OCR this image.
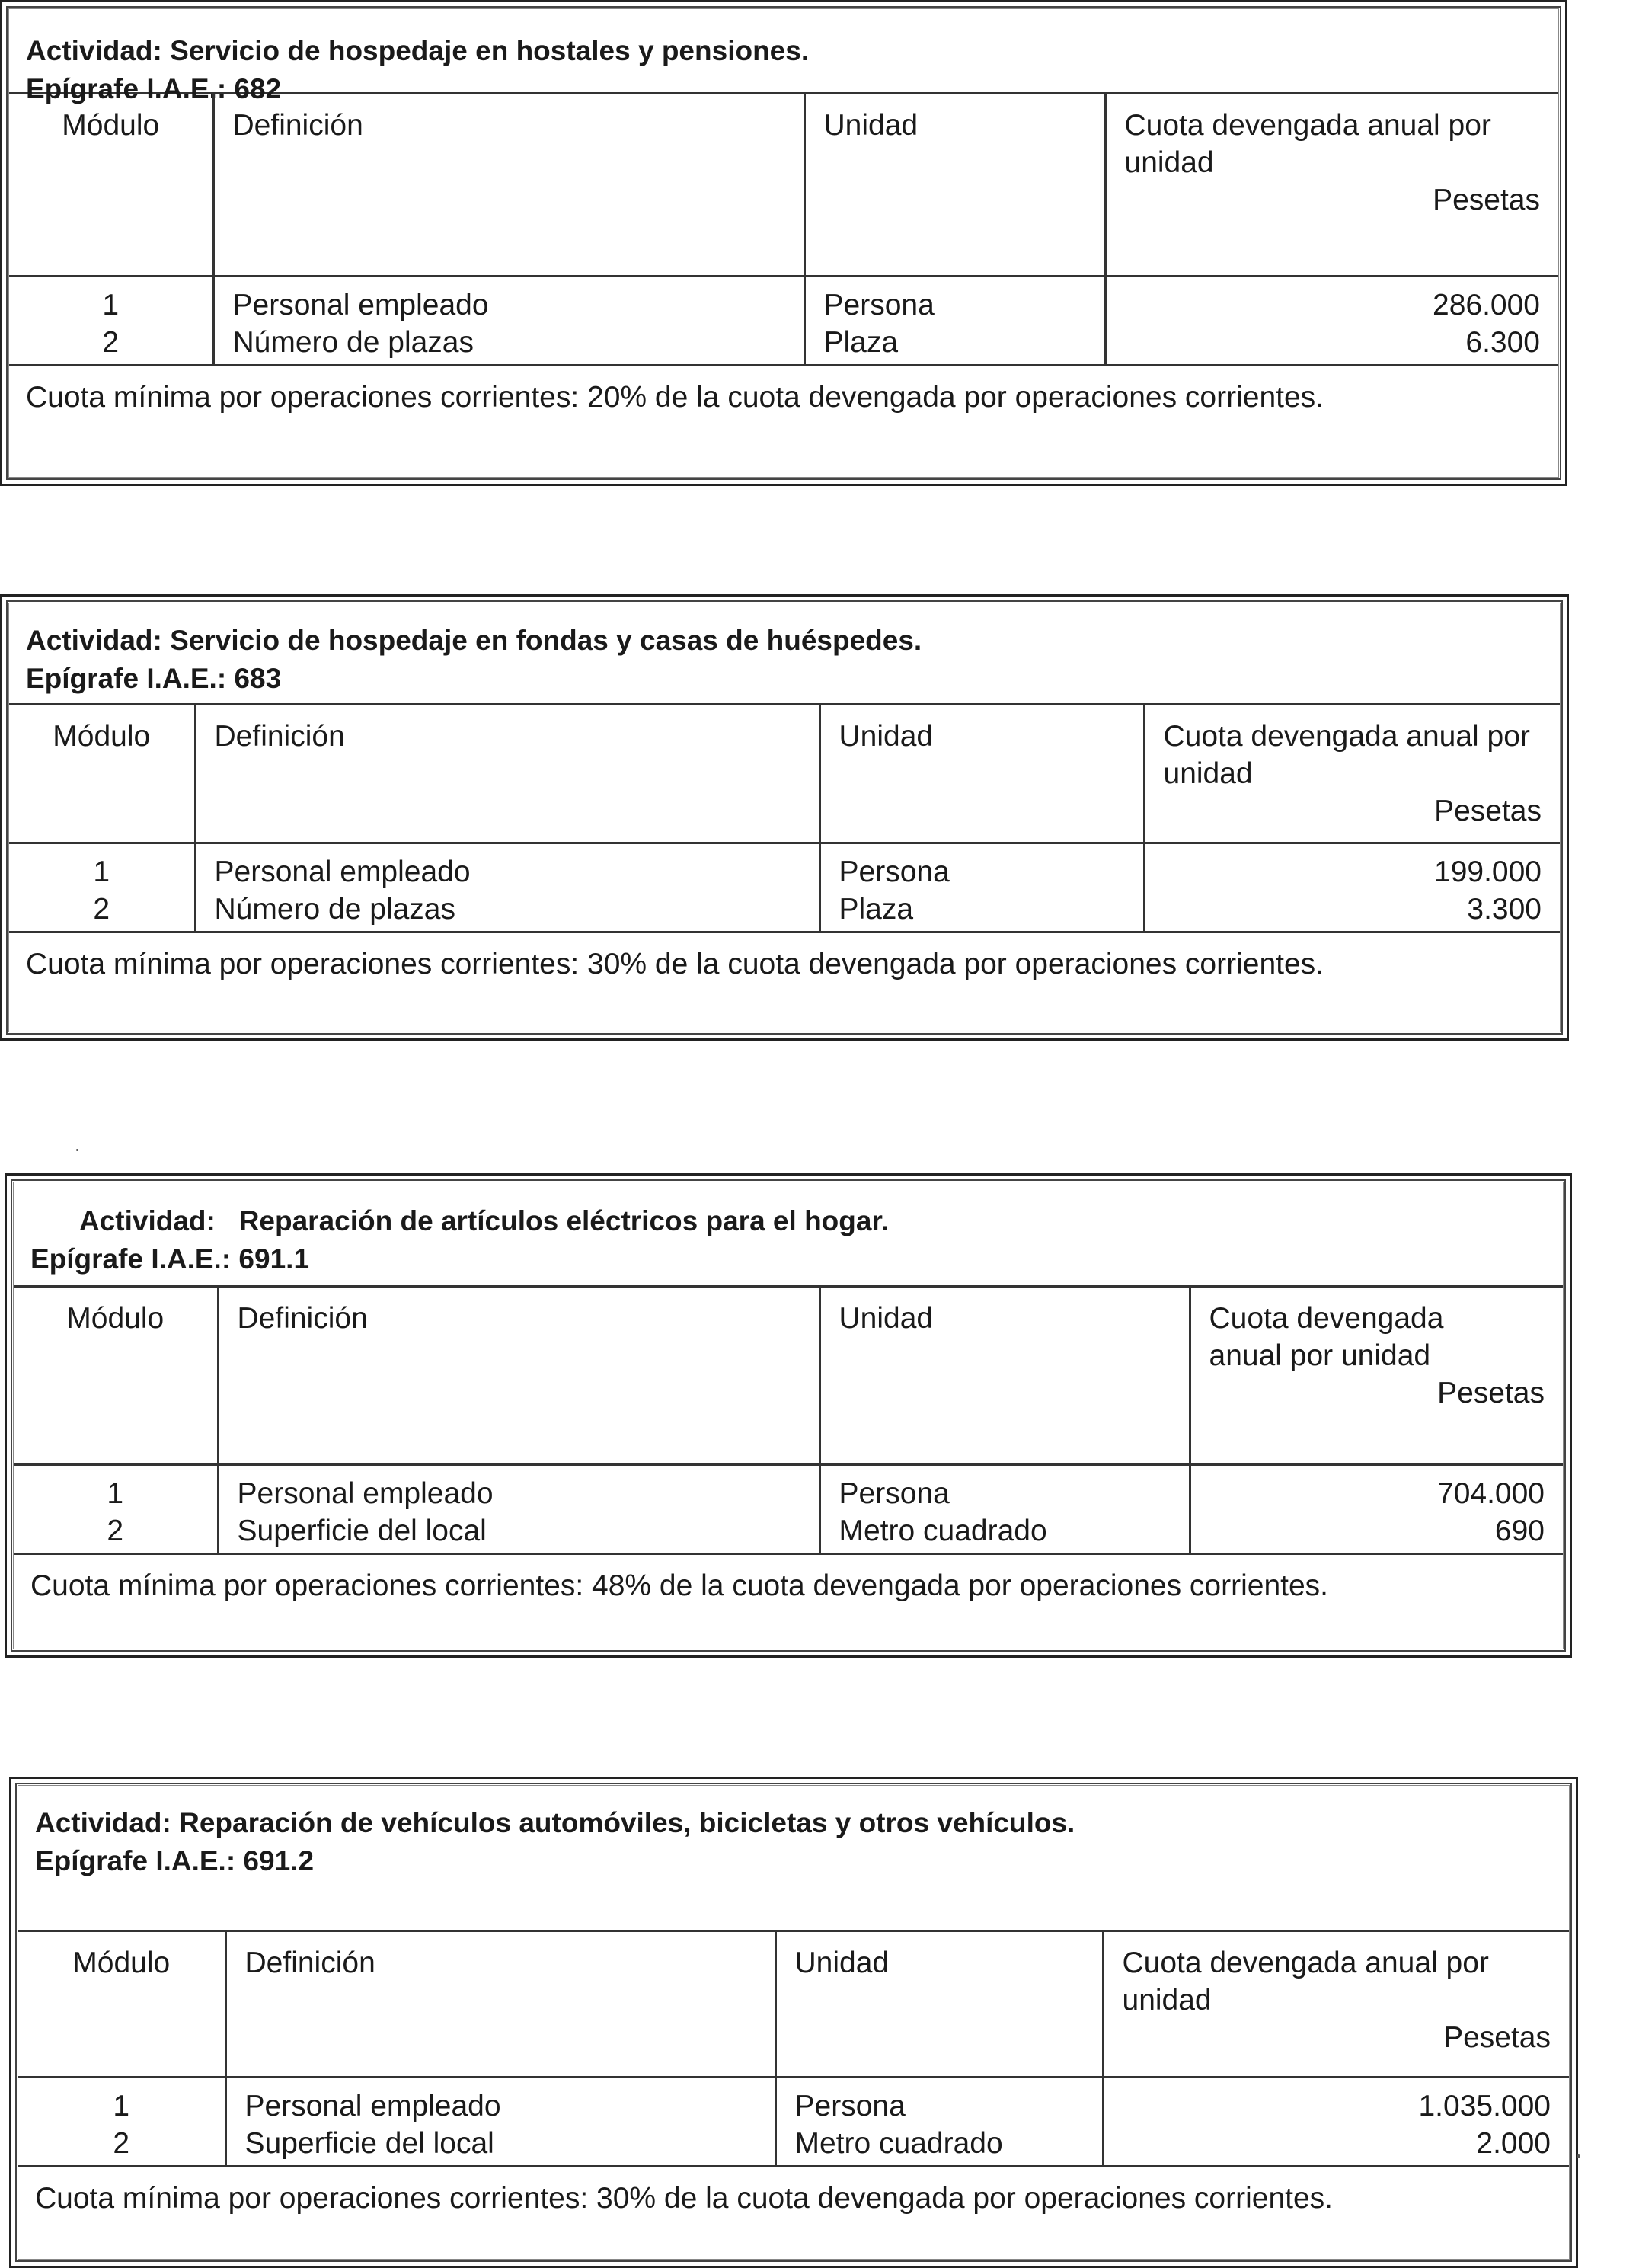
Actividad: Servicio de hospedaje en hostales y pensiones.
Epígrafe I.A.E.: 682
Módulo	Definición	Unidad	Cuota devengada anual por unidad
Pesetas

1	Personal empleado	Persona	286.000
2	Número de plazas	Plaza	6.300
Cuota mínima por operaciones corrientes: 20% de la cuota devengada por operaciones corrientes.
Actividad: Servicio de hospedaje en fondas y casas de huéspedes.
Epígrafe I.A.E.: 683
Módulo	Definición	Unidad	Cuota devengada anual por unidad
Pesetas

1	Personal empleado	Persona	199.000
2	Número de plazas	Plaza	3.300
Cuota mínima por operaciones corrientes: 30% de la cuota devengada por operaciones corrientes.
Actividad:   Reparación de artículos eléctricos para el hogar.
Epígrafe I.A.E.: 691.1
Módulo	Definición	Unidad	Cuota devengada anual por unidad
Pesetas

1	Personal empleado	Persona	704.000
2	Superficie del local	Metro cuadrado	690
Cuota mínima por operaciones corrientes: 48% de la cuota devengada por operaciones corrientes.
Actividad: Reparación de vehículos automóviles, bicicletas y otros vehículos.
Epígrafe I.A.E.: 691.2
Módulo	Definición	Unidad	Cuota devengada anual por unidad
Pesetas

1	Personal empleado	Persona	1.035.000
2	Superficie del local	Metro cuadrado	2.000
Cuota mínima por operaciones corrientes: 30% de la cuota devengada por operaciones corrientes.
